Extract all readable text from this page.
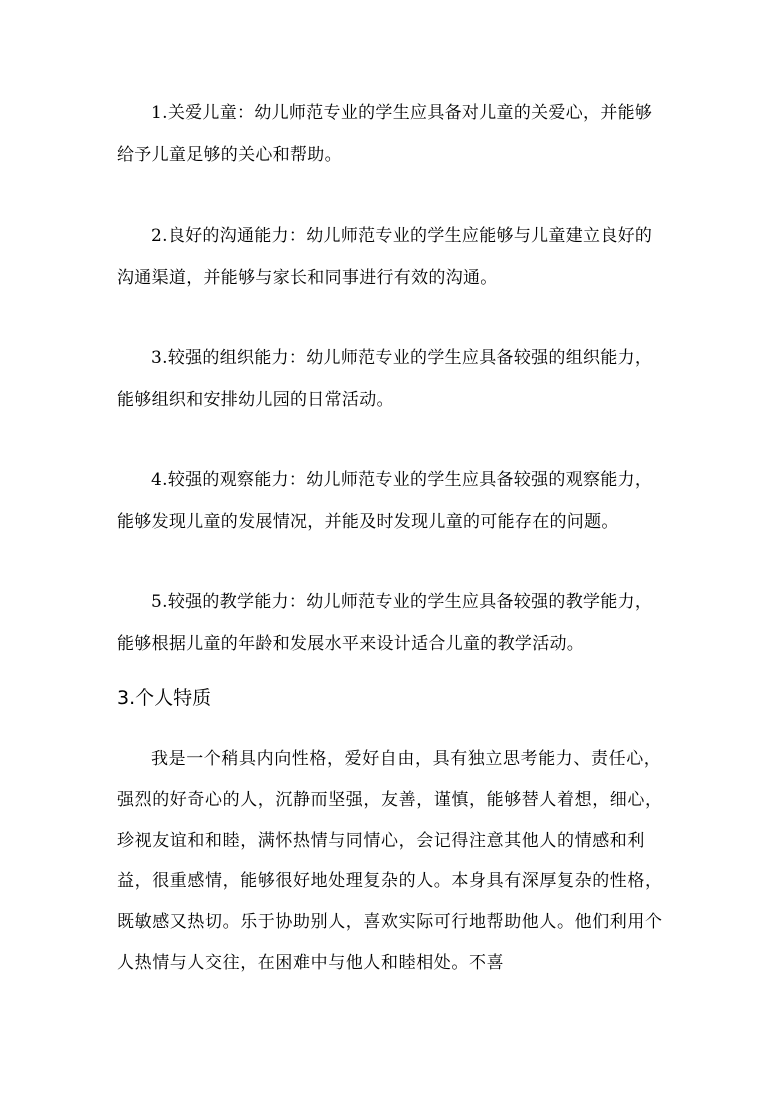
1.关爱儿童：幼儿师范专业的学生应具备对儿童的关爱心，并能够给予儿童足够的关心和帮助。

2.良好的沟通能力：幼儿师范专业的学生应能够与儿童建立良好的沟通渠道，并能够与家长和同事进行有效的沟通。

3.较强的组织能力：幼儿师范专业的学生应具备较强的组织能力，能够组织和安排幼儿园的日常活动。

4.较强的观察能力：幼儿师范专业的学生应具备较强的观察能力，能够发现儿童的发展情况，并能及时发现儿童的可能存在的问题。

5.较强的教学能力：幼儿师范专业的学生应具备较强的教学能力，能够根据儿童的年龄和发展水平来设计适合儿童的教学活动。

3.个人特质

我是一个稍具内向性格，爱好自由，具有独立思考能力、责任心，强烈的好奇心的人，沉静而坚强，友善，谨慎，能够替人着想，细心，珍视友谊和和睦，满怀热情与同情心，会记得注意其他人的情感和利益，很重感情，能够很好地处理复杂的人。本身具有深厚复杂的性格，既敏感又热切。乐于协助别人，喜欢实际可行地帮助他人。他们利用个人热情与人交往，在困难中与他人和睦相处。不喜
